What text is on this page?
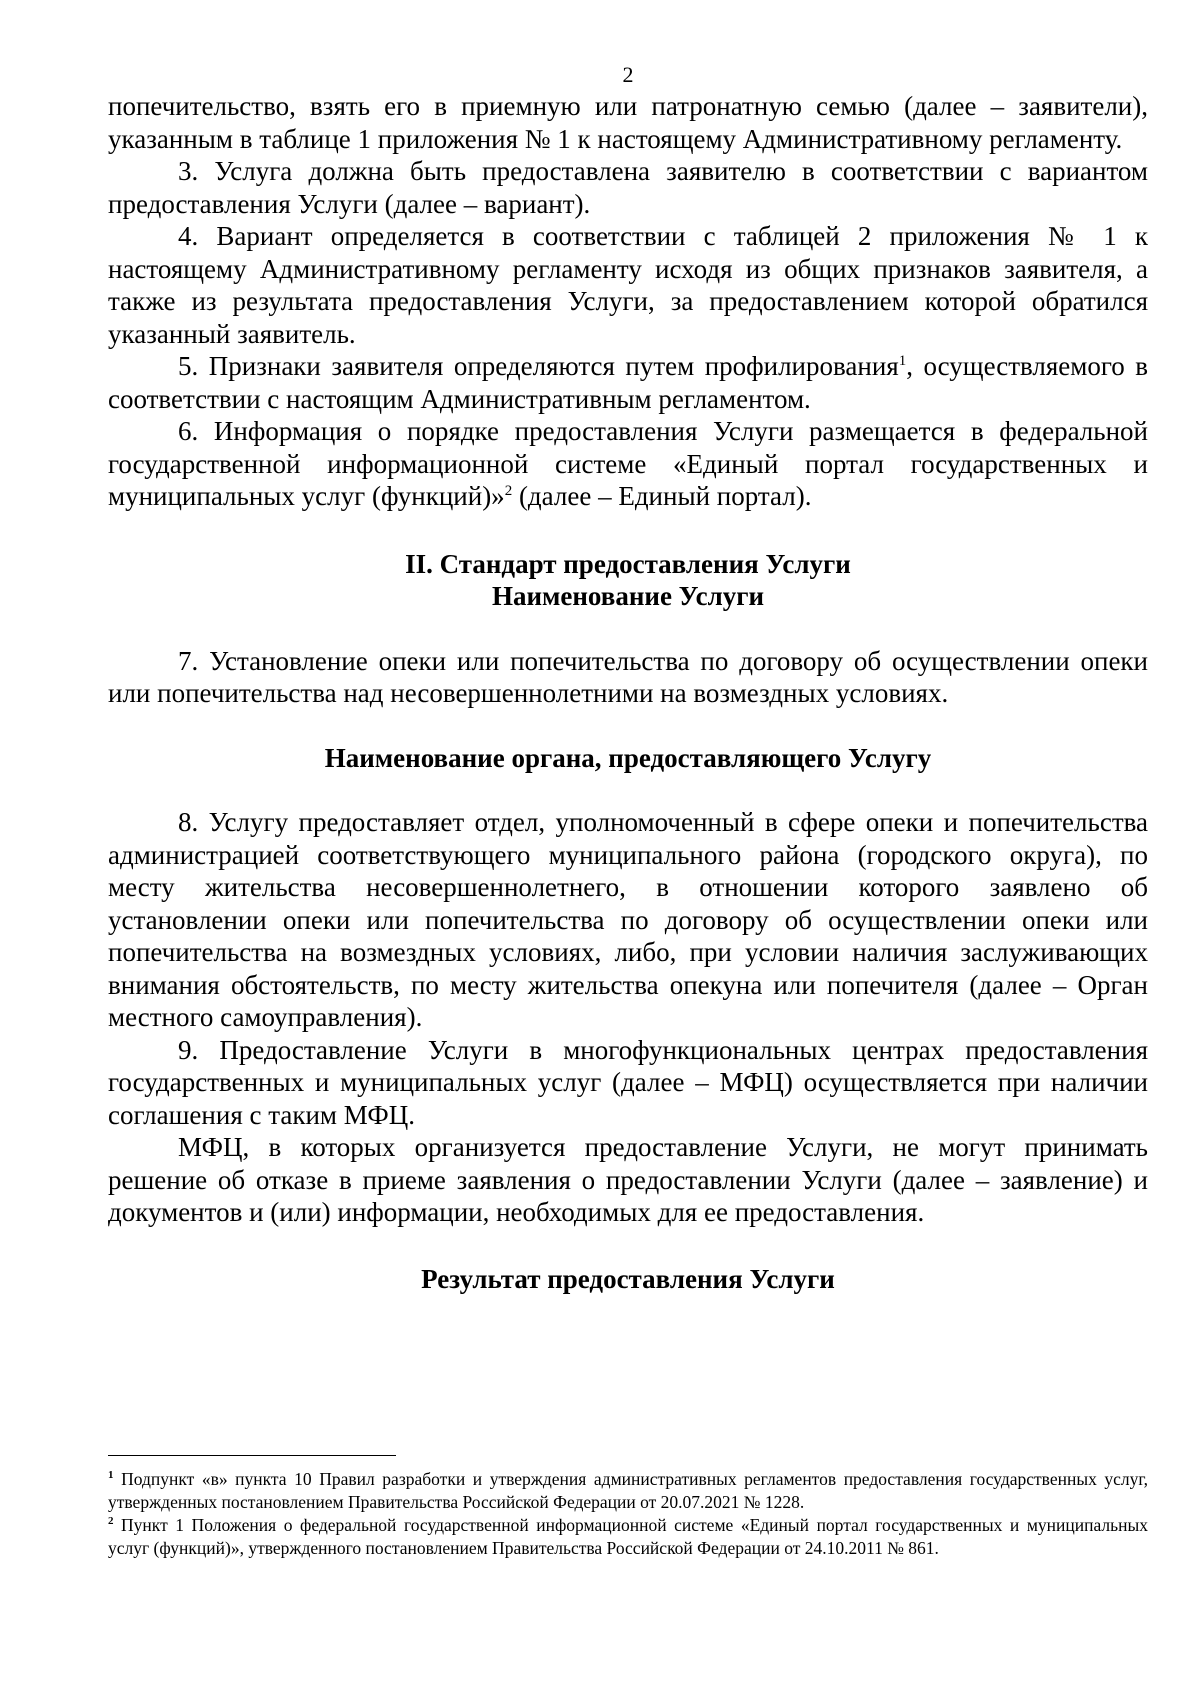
2

попечительство, взять его в приемную или патронатную семью (далее – заявители), указанным в таблице 1 приложения № 1 к настоящему Административному регламенту.

3. Услуга должна быть предоставлена заявителю в соответствии с вариантом предоставления Услуги (далее – вариант).

4. Вариант определяется в соответствии с таблицей 2 приложения № 1 к настоящему Административному регламенту исходя из общих признаков заявителя, а также из результата предоставления Услуги, за предоставлением которой обратился указанный заявитель.

5. Признаки заявителя определяются путем профилирования$^1$, осуществляемого в соответствии с настоящим Административным регламентом.

6. Информация о порядке предоставления Услуги размещается в федеральной государственной информационной системе «Единый портал государственных и муниципальных услуг (функций)»$^2$ (далее – Единый портал).

II. Стандарт предоставления Услуги

Наименование Услуги

7. Установление опеки или попечительства по договору об осуществлении опеки или попечительства над несовершеннолетними на возмездных условиях.

Наименование органа, предоставляющего Услугу

8. Услугу предоставляет отдел, уполномоченный в сфере опеки и попечительства администрацией соответствующего муниципального района (городского округа), по месту жительства несовершеннолетнего, в отношении которого заявлено об установлении опеки или попечительства по договору об осуществлении опеки или попечительства на возмездных условиях, либо, при условии наличия заслуживающих внимания обстоятельств, по месту жительства опекуна или попечителя (далее – Орган местного самоуправления).

9. Предоставление Услуги в многофункциональных центрах предоставления государственных и муниципальных услуг (далее – МФЦ) осуществляется при наличии соглашения с таким МФЦ.

МФЦ, в которых организуется предоставление Услуги, не могут принимать решение об отказе в приеме заявления о предоставлении Услуги (далее – заявление) и документов и (или) информации, необходимых для ее предоставления.

Результат предоставления Услуги

$^1$ Подпункт «в» пункта 10 Правил разработки и утверждения административных регламентов предоставления государственных услуг, утвержденных постановлением Правительства Российской Федерации от 20.07.2021 № 1228.

$^2$ Пункт 1 Положения о федеральной государственной информационной системе «Единый портал государственных и муниципальных услуг (функций)», утвержденного постановлением Правительства Российской Федерации от 24.10.2011 № 861.
